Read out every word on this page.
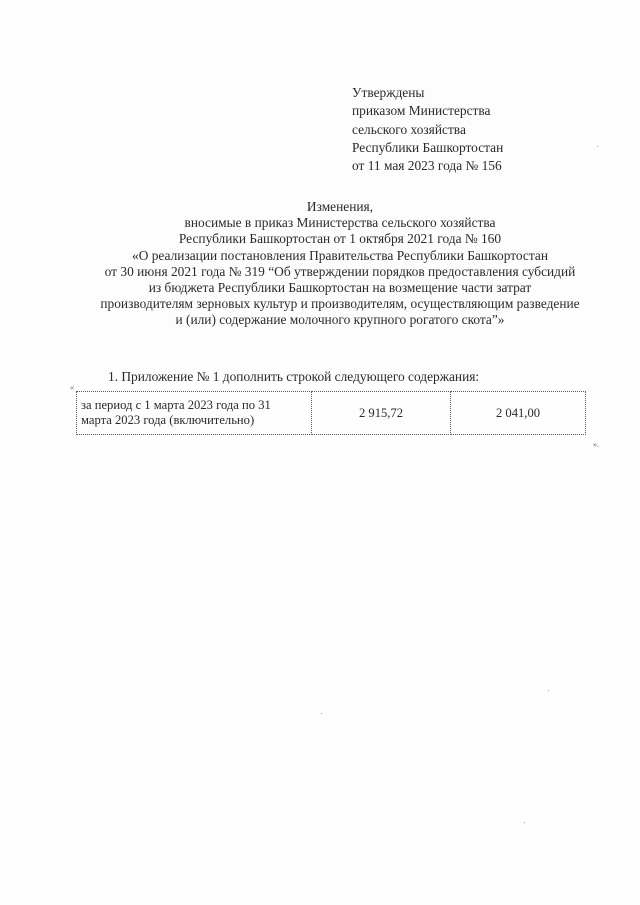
Утверждены
приказом Министерства
сельского хозяйства
Республики Башкортостан
от 11 мая 2023 года № 156
Изменения,
вносимые в приказ Министерства сельского хозяйства
Республики Башкортостан от 1 октября 2021 года № 160
«О реализации постановления Правительства Республики Башкортостан
от 30 июня 2021 года № 319 “Об утверждении порядков предоставления субсидий
из бюджета Республики Башкортостан на возмещение части затрат
производителям зерновых культур и производителям, осуществляющим разведение
и (или) содержание молочного крупного рогатого скота”»
1. Приложение № 1 дополнить строкой следующего содержания:
«
за период с 1 марта 2023 года по 31
марта 2023 года (включительно)
	2 915,72	2 041,00
».
